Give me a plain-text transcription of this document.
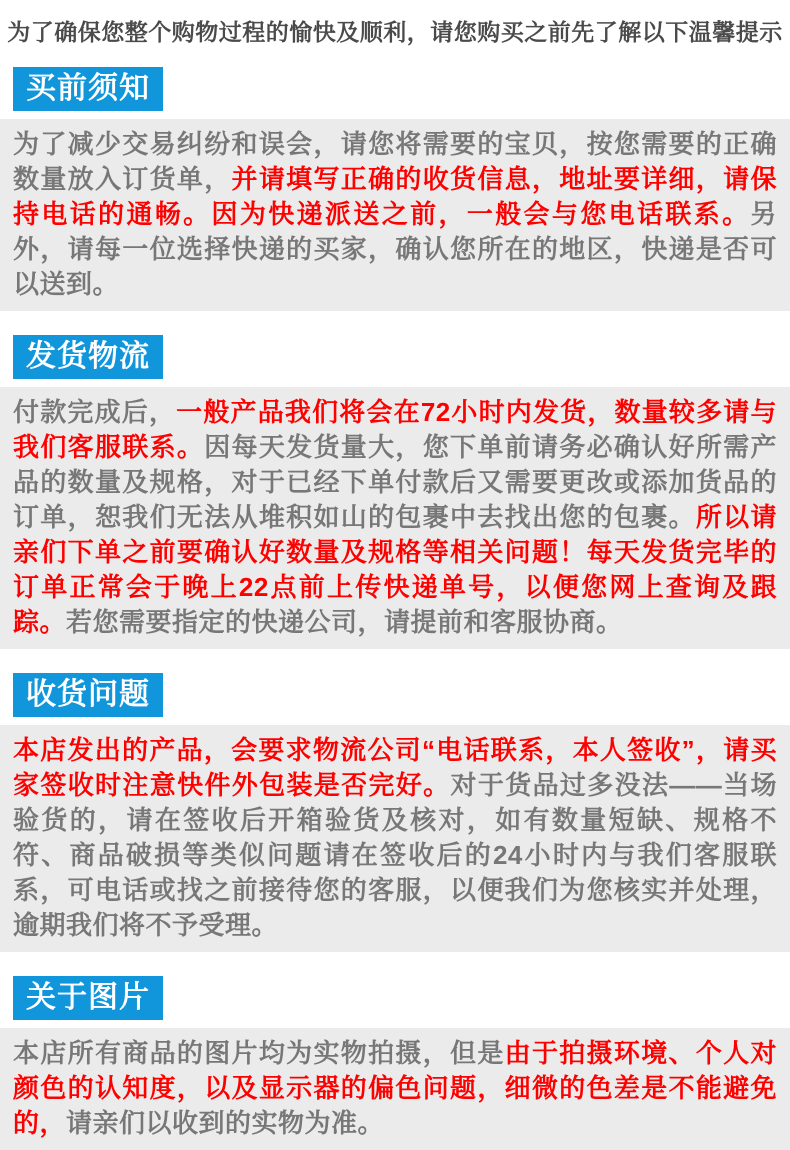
为了确保您整个购物过程的愉快及顺利，请您购买之前先了解以下温馨提示
买前须知

为了减少交易纠纷和误会，请您将需要的宝贝，按您需要的正确数量放入订货单，并请填写正确的收货信息，地址要详细，请保持电话的通畅。因为快递派送之前，一般会与您电话联系。另外，请每一位选择快递的买家，确认您所在的地区，快递是否可以送到。

发货物流

付款完成后，一般产品我们将会在72小时内发货，数量较多请与我们客服联系。因每天发货量大，您下单前请务必确认好所需产品的数量及规格，对于已经下单付款后又需要更改或添加货品的订单，恕我们无法从堆积如山的包裹中去找出您的包裹。所以请亲们下单之前要确认好数量及规格等相关问题！每天发货完毕的订单正常会于晚上22点前上传快递单号，以便您网上查询及跟踪。若您需要指定的快递公司，请提前和客服协商。

收货问题

本店发出的产品，会要求物流公司“电话联系，本人签收”，请买家签收时注意快件外包装是否完好。对于货品过多没法——当场验货的，请在签收后开箱验货及核对，如有数量短缺、规格不符、商品破损等类似问题请在签收后的24小时内与我们客服联系，可电话或找之前接待您的客服，以便我们为您核实并处理，逾期我们将不予受理。

关于图片

本店所有商品的图片均为实物拍摄，但是由于拍摄环境、个人对颜色的认知度，以及显示器的偏色问题，细微的色差是不能避免的，请亲们以收到的实物为准。
